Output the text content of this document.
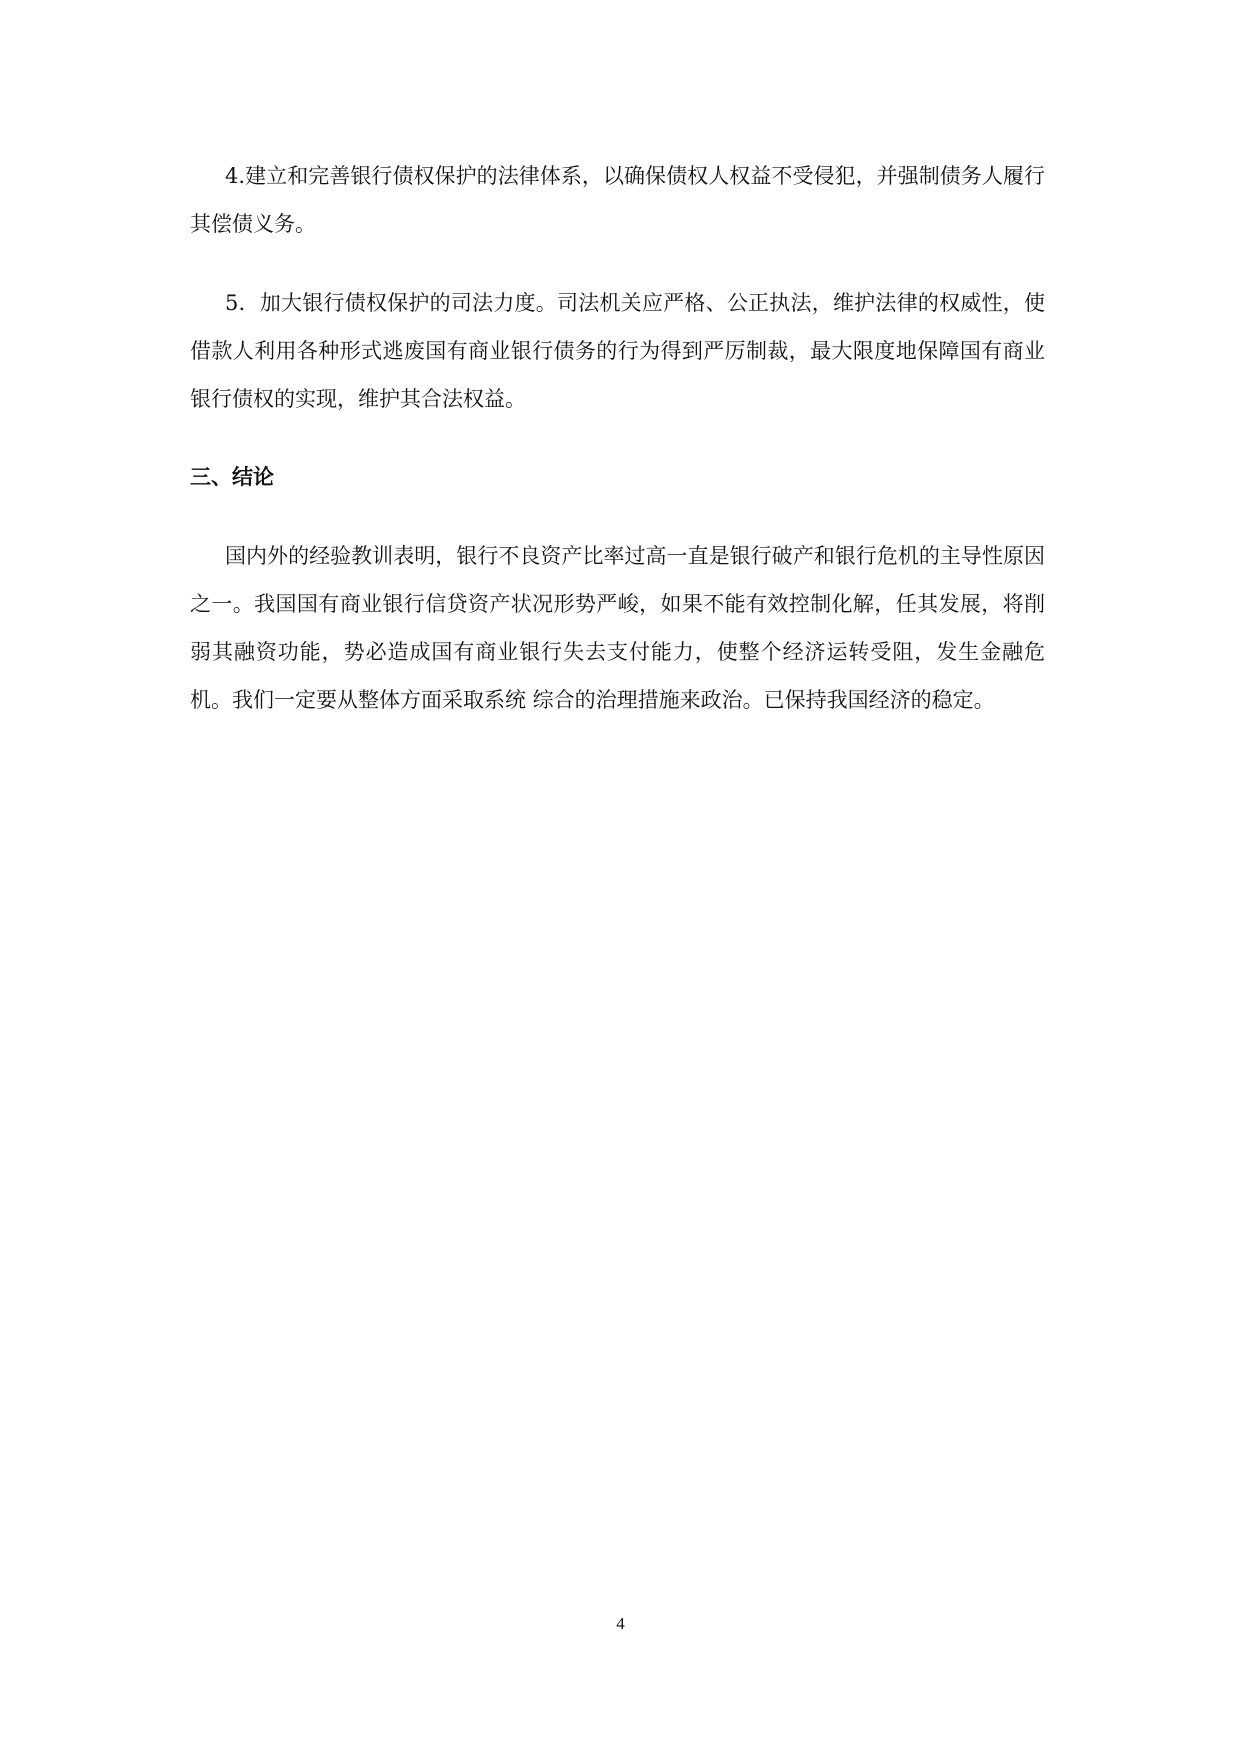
4.建立和完善银行债权保护的法律体系，以确保债权人权益不受侵犯，并强制债务人履行其偿债义务。

5．加大银行债权保护的司法力度。司法机关应严格、公正执法，维护法律的权威性，使借款人利用各种形式逃废国有商业银行债务的行为得到严厉制裁，最大限度地保障国有商业银行债权的实现，维护其合法权益。

三、结论

国内外的经验教训表明，银行不良资产比率过高一直是银行破产和银行危机的主导性原因之一。我国国有商业银行信贷资产状况形势严峻，如果不能有效控制化解，任其发展，将削弱其融资功能，势必造成国有商业银行失去支付能力，使整个经济运转受阻，发生金融危机。我们一定要从整体方面采取系统 综合的治理措施来政治。已保持我国经济的稳定。

4
